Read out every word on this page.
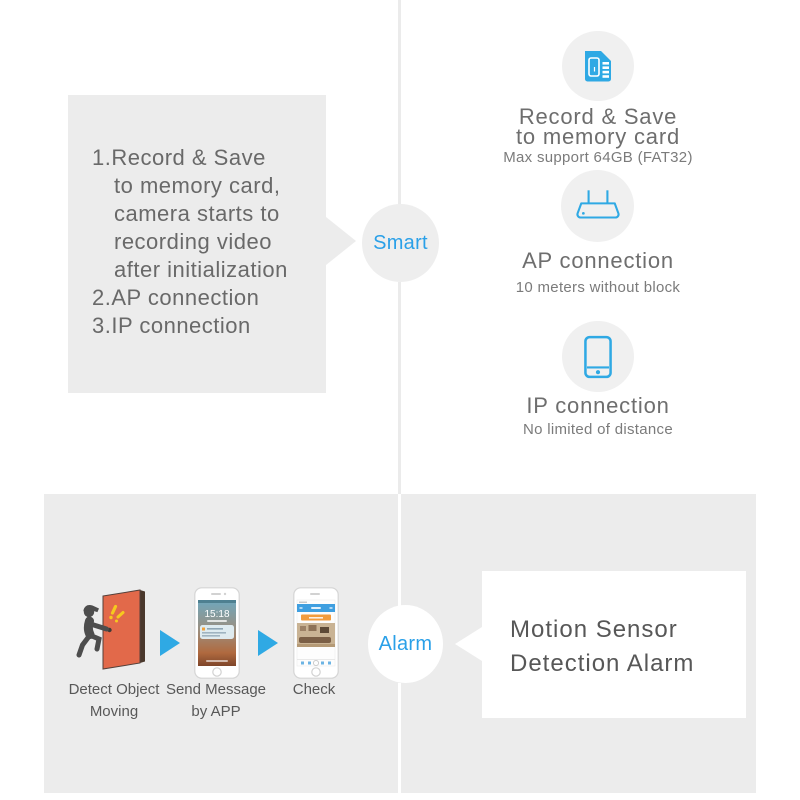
1.Record & Save
to memory card,
camera starts to
recording video
after initialization
2.AP connection
3.IP connection
Smart
Record & Save
to memory card
Max support 64GB (FAT32)
AP connection
10 meters without block
IP connection
No limited of distance
15:18
Detect Object
Moving
Send Message
by APP
Check
Alarm
Motion Sensor
Detection Alarm
